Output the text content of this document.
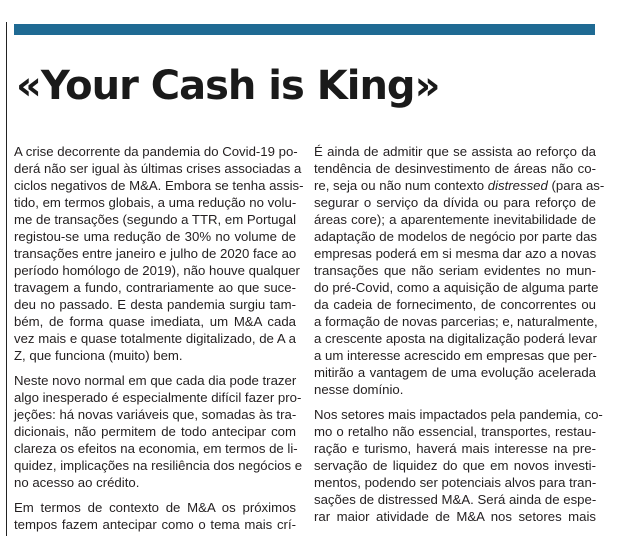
«Your Cash is King»

A crise decorrente da pandemia do Covid-19 po-
derá não ser igual às últimas crises associadas a
ciclos negativos de M&A. Embora se tenha assis-
tido, em termos globais, a uma redução no volu-
me de transações (segundo a TTR, em Portugal
registou-se uma redução de 30% no volume de
transações entre janeiro e julho de 2020 face ao
período homólogo de 2019), não houve qualquer
travagem a fundo, contrariamente ao que suce-
deu no passado. E desta pandemia surgiu tam-
bém, de forma quase imediata, um M&A cada
vez mais e quase totalmente digitalizado, de A a
Z, que funciona (muito) bem.

Neste novo normal em que cada dia pode trazer
algo inesperado é especialmente difícil fazer pro-
jeções: há novas variáveis que, somadas às tra-
dicionais, não permitem de todo antecipar com
clareza os efeitos na economia, em termos de li-
quidez, implicações na resiliência dos negócios e
no acesso ao crédito.

Em termos de contexto de M&A os próximos
tempos fazem antecipar como o tema mais crí-

É ainda de admitir que se assista ao reforço da
tendência de desinvestimento de áreas não co-
re, seja ou não num contexto distressed (para as-
segurar o serviço da dívida ou para reforço de
áreas core); a aparentemente inevitabilidade de
adaptação de modelos de negócio por parte das
empresas poderá em si mesma dar azo a novas
transações que não seriam evidentes no mun-
do pré-Covid, como a aquisição de alguma parte
da cadeia de fornecimento, de concorrentes ou
a formação de novas parcerias; e, naturalmente,
a crescente aposta na digitalização poderá levar
a um interesse acrescido em empresas que per-
mitirão a vantagem de uma evolução acelerada
nesse domínio.

Nos setores mais impactados pela pandemia, co-
mo o retalho não essencial, transportes, restau-
ração e turismo, haverá mais interesse na pre-
servação de liquidez do que em novos investi-
mentos, podendo ser potenciais alvos para tran-
sações de distressed M&A. Será ainda de espe-
rar maior atividade de M&A nos setores mais
